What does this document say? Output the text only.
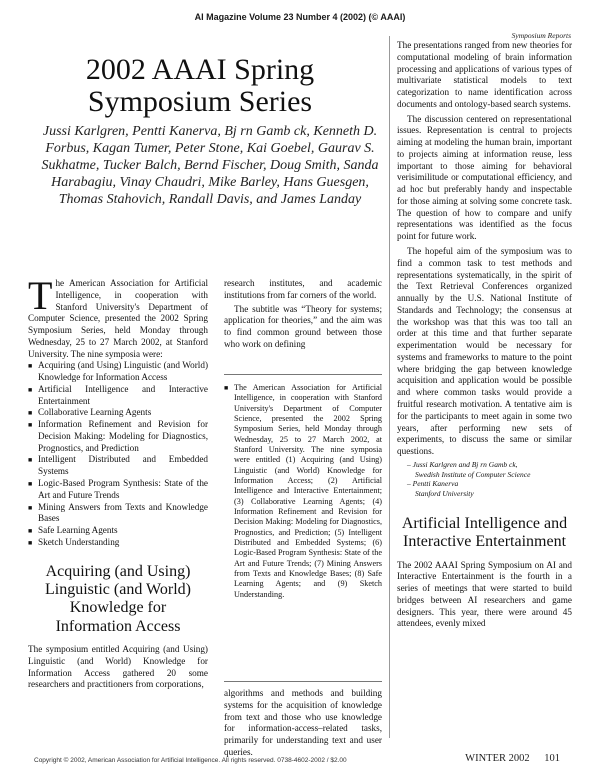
AI Magazine Volume 23 Number 4 (2002) (© AAAI)
Symposium Reports
2002 AAAI Spring
Symposium Series
Jussi Karlgren, Pentti Kanerva, Bj rn Gamb ck, Kenneth D. Forbus, Kagan Tumer, Peter Stone, Kai Goebel, Gaurav S. Sukhatme, Tucker Balch, Bernd Fischer, Doug Smith, Sanda Harabagiu, Vinay Chaudri, Mike Barley, Hans Guesgen, Thomas Stahovich, Randall Davis, and James Landay

The American Association for Artificial Intelligence, in cooperation with Stanford University's Department of Computer Science, presented the 2002 Spring Symposium Series, held Monday through Wednesday, 25 to 27 March 2002, at Stanford University. The nine symposia were:

■ Acquiring (and Using) Linguistic (and World) Knowledge for Information Access
■ Artificial Intelligence and Interactive Entertainment
■ Collaborative Learning Agents
■ Information Refinement and Revision for Decision Making: Modeling for Diagnostics, Prognostics, and Prediction
■ Intelligent Distributed and Embedded Systems
■ Logic-Based Program Synthesis: State of the Art and Future Trends
■ Mining Answers from Texts and Knowledge Bases
■ Safe Learning Agents
■ Sketch Understanding
Acquiring (and Using) Linguistic (and World) Knowledge for Information Access

The symposium entitled Acquiring (and Using) Linguistic (and World) Knowledge for Information Access gathered 20 some researchers and practitioners from corporations,

research institutes, and academic institutions from far corners of the world.

The subtitle was “Theory for systems; application for theories,” and the aim was to find common ground between those who work on defining

■ The American Association for Artificial Intelligence, in cooperation with Stanford University's Department of Computer Science, presented the 2002 Spring Symposium Series, held Monday through Wednesday, 25 to 27 March 2002, at Stanford University. The nine symposia were entitled (1) Acquiring (and Using) Linguistic (and World) Knowledge for Information Access; (2) Artificial Intelligence and Interactive Entertainment; (3) Collaborative Learning Agents; (4) Information Refinement and Revision for Decision Making: Modeling for Diagnostics, Prognostics, and Prediction; (5) Intelligent Distributed and Embedded Systems; (6) Logic-Based Program Synthesis: State of the Art and Future Trends; (7) Mining Answers from Texts and Knowledge Bases; (8) Safe Learning Agents; and (9) Sketch Understanding.

algorithms and methods and building systems for the acquisition of knowledge from text and those who use knowledge for information-access–related tasks, primarily for understanding text and user queries.

The presentations ranged from new theories for computational modeling of brain information processing and applications of various types of multivariate statistical models to text categorization to name identification across documents and ontology-based search systems.

The discussion centered on representational issues. Representation is central to projects aiming at modeling the human brain, important to projects aiming at information reuse, less important to those aiming for behavioral verisimilitude or computational efficiency, and ad hoc but preferably handy and inspectable for those aiming at solving some concrete task. The question of how to compare and unify representations was identified as the focus point for future work.

The hopeful aim of the symposium was to find a common task to test methods and representations systematically, in the spirit of the Text Retrieval Conferences organized annually by the U.S. National Institute of Standards and Technology; the consensus at the workshop was that this was too tall an order at this time and that further separate experimentation would be necessary for systems and frameworks to mature to the point where bridging the gap between knowledge acquisition and application would be possible and where common tasks would provide a fruitful research motivation. A tentative aim is for the participants to meet again in some two years, after performing new sets of experiments, to discuss the same or similar questions.

– Jussi Karlgren and Bj rn Gamb ck,
Swedish Institute of Computer Science
– Pentti Kanerva
Stanford University
Artificial Intelligence and Interactive Entertainment

The 2002 AAAI Spring Symposium on AI and Interactive Entertainment is the fourth in a series of meetings that were started to build bridges between AI researchers and game designers. This year, there were around 45 attendees, evenly mixed

Copyright © 2002, American Association for Artificial Intelligence. All rights reserved. 0738-4602-2002 / $2.00	WINTER 2002 101
